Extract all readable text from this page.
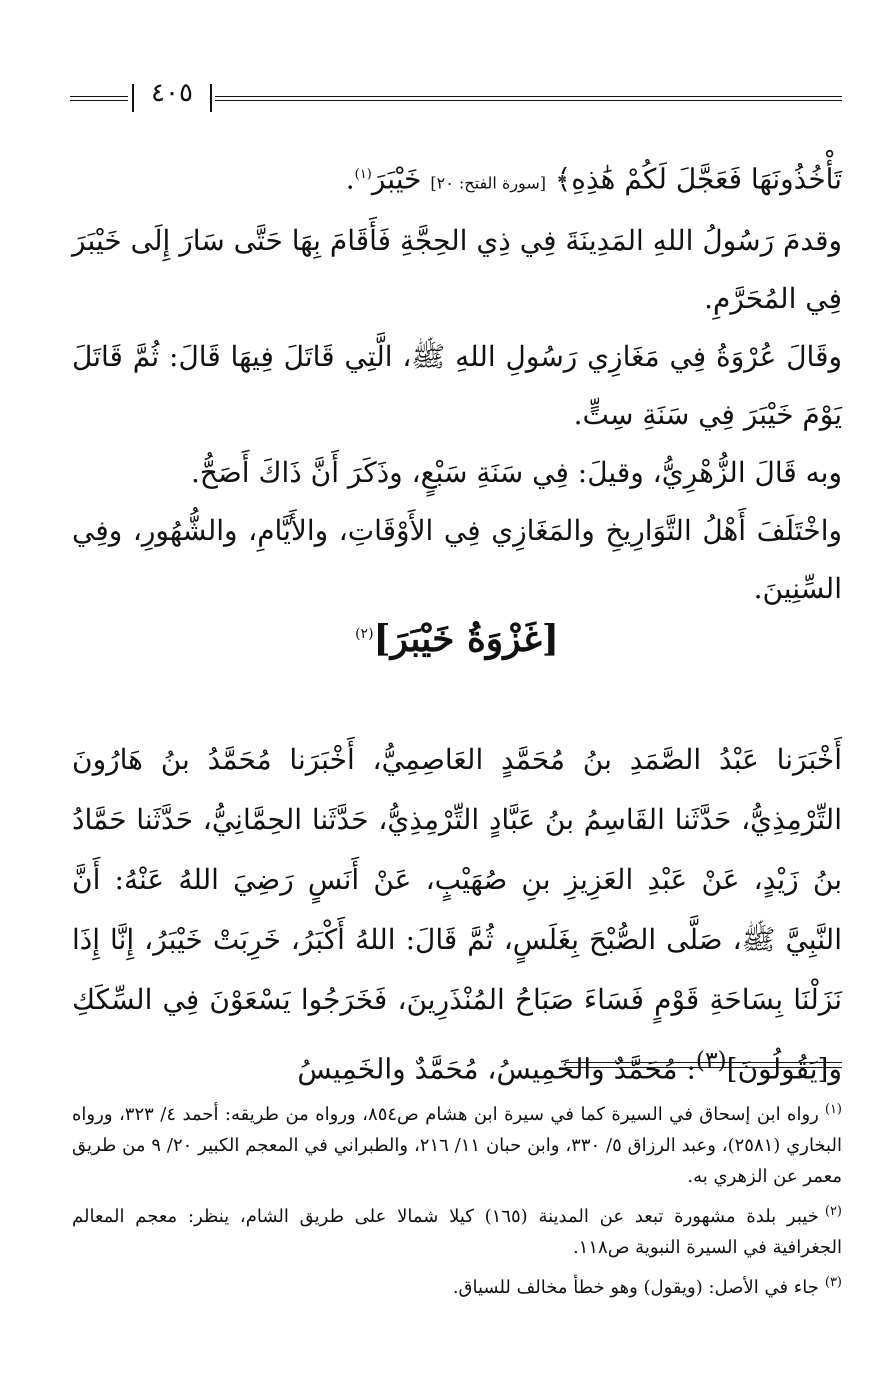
٤٠٥

تَأْخُذُونَهَا فَعَجَّلَ لَكُمْ هَٰذِهِ﴾ [سورة الفتح: ٢٠] خَيْبَرَ$^{(١)}$.

وقدمَ رَسُولُ اللهِ المَدِينَةَ فِي ذِي الحِجَّةِ فَأَقَامَ بِهَا حَتَّى سَارَ إِلَى خَيْبَرَ فِي المُحَرَّمِ.

وقَالَ عُرْوَةُ فِي مَغَازِي رَسُولِ اللهِ ﷺ، الَّتِي قَاتَلَ فِيهَا قَالَ: ثُمَّ قَاتَلَ يَوْمَ خَيْبَرَ فِي سَنَةِ سِتٍّ.

وبه قَالَ الزُّهْرِيُّ، وقيلَ: فِي سَنَةِ سَبْعٍ، وذَكَرَ أَنَّ ذَاكَ أَصَحُّ.

واخْتَلَفَ أَهْلُ التَّوَارِيخِ والمَغَازِي فِي الأَوْقَاتِ، والأَيَّامِ، والشُّهُورِ، وفِي السِّنِينَ.

[غَزْوَةُ خَيْبَرَ]$^{(٢)}$

أَخْبَرَنا عَبْدُ الصَّمَدِ بنُ مُحَمَّدٍ العَاصِمِيُّ، أَخْبَرَنا مُحَمَّدُ بنُ هَارُونَ التِّرْمِذِيُّ، حَدَّثَنا القَاسِمُ بنُ عَبَّادٍ التِّرْمِذِيُّ، حَدَّثَنا الحِمَّانِيُّ، حَدَّثَنا حَمَّادُ بنُ زَيْدٍ، عَنْ عَبْدِ العَزِيزِ بنِ صُهَيْبٍ، عَنْ أَنَسٍ رَضِيَ اللهُ عَنْهُ: أَنَّ النَّبِيَّ ﷺ، صَلَّى الصُّبْحَ بِغَلَسٍ، ثُمَّ قَالَ: اللهُ أَكْبَرُ، خَرِبَتْ خَيْبَرُ، إِنَّا إِذَا نَزَلْنَا بِسَاحَةِ قَوْمٍ فَسَاءَ صَبَاحُ المُنْذَرِينَ، فَخَرَجُوا يَسْعَوْنَ فِي السِّكَكِ و[يَقُولُونَ]$^{(٣)}$: مُحَمَّدٌ والخَمِيسُ، مُحَمَّدٌ والخَمِيسُ

$^{(١)}$رواه ابن إسحاق في السيرة كما في سيرة ابن هشام ص٨٥٤، ورواه من طريقه: أحمد ٤/ ٣٢٣، ورواه البخاري (٢٥٨١)، وعبد الرزاق ٥/ ٣٣٠، وابن حبان ١١/ ٢١٦، والطبراني في المعجم الكبير ٢٠/ ٩ من طريق معمر عن الزهري به.

$^{(٢)}$خيبر بلدة مشهورة تبعد عن المدينة (١٦٥) كيلا شمالا على طريق الشام، ينظر: معجم المعالم الجغرافية في السيرة النبوية ص١١٨.

$^{(٣)}$جاء في الأصل: (ويقول) وهو خطأ مخالف للسياق.
